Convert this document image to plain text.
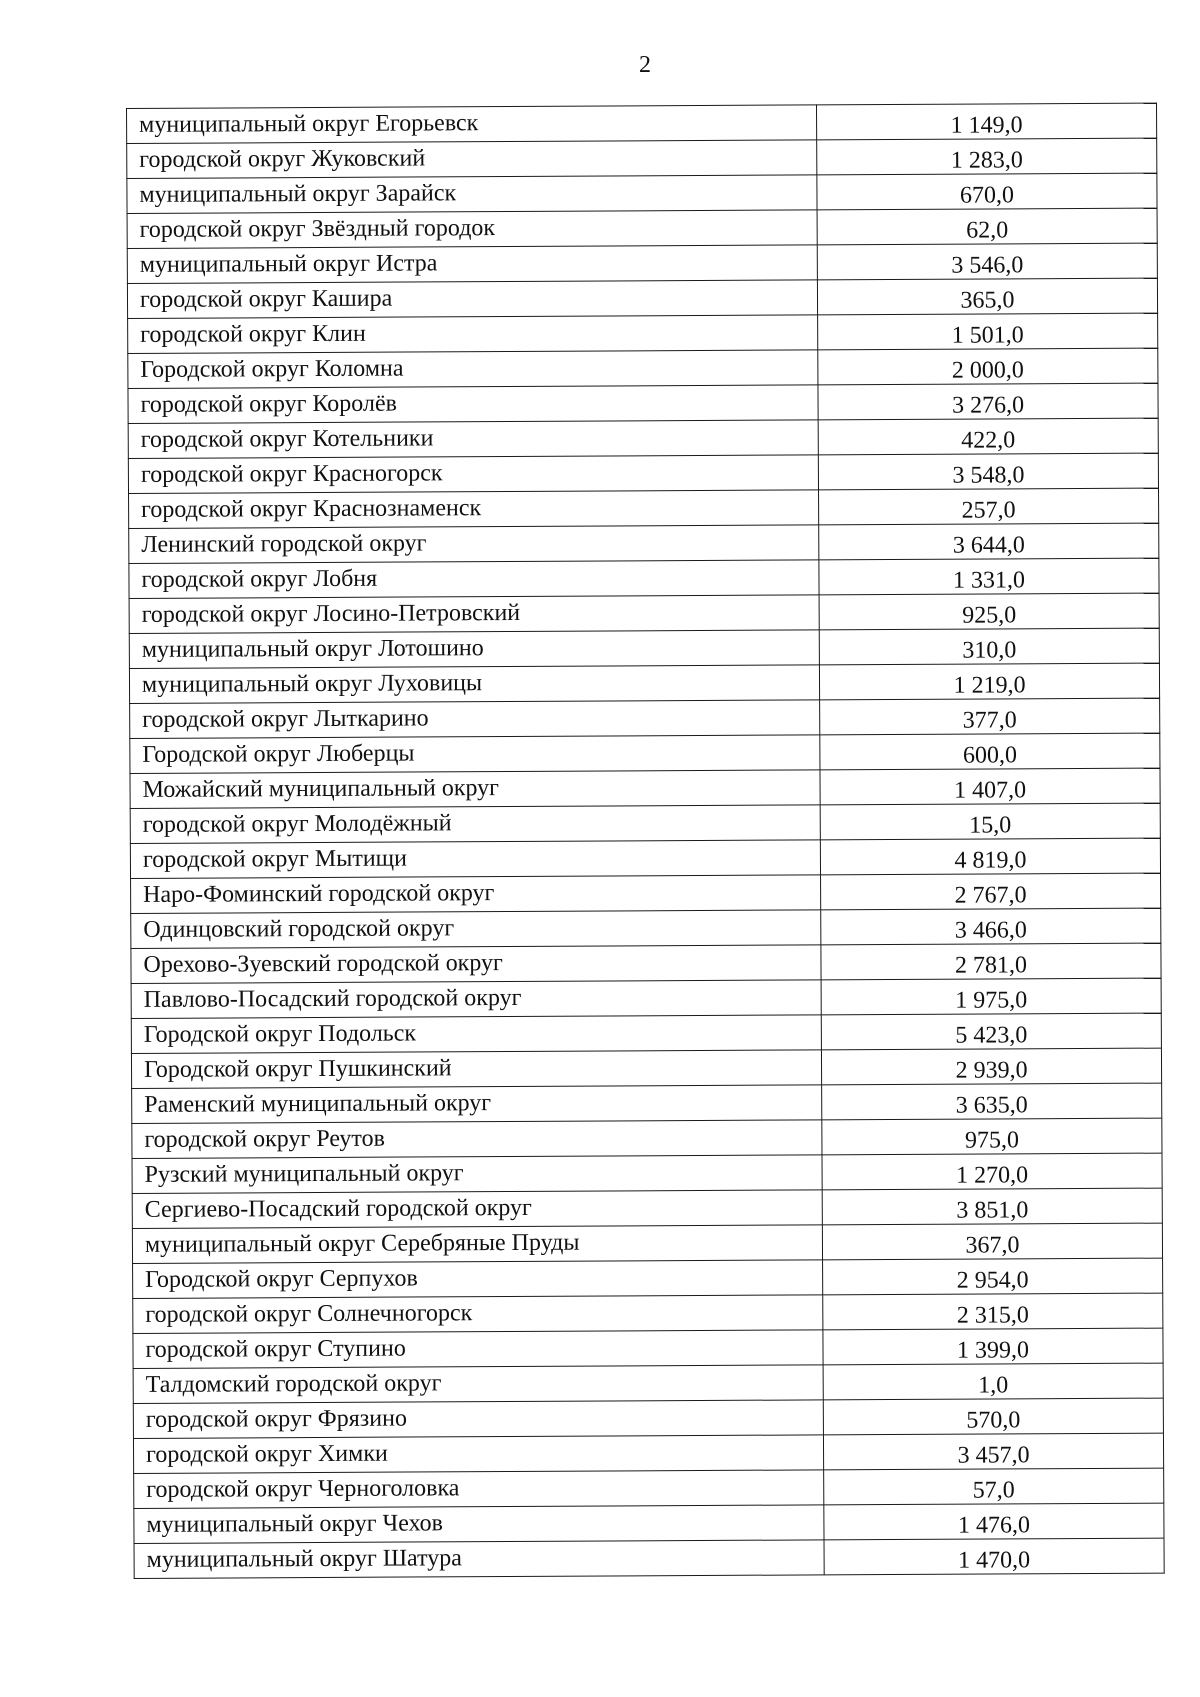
2
муниципальный округ Егорьевск	1 149,0
городской округ Жуковский	1 283,0
муниципальный округ Зарайск	670,0
городской округ Звёздный городок	62,0
муниципальный округ Истра	3 546,0
городской округ Кашира	365,0
городской округ Клин	1 501,0
Городской округ Коломна	2 000,0
городской округ Королёв	3 276,0
городской округ Котельники	422,0
городской округ Красногорск	3 548,0
городской округ Краснознаменск	257,0
Ленинский городской округ	3 644,0
городской округ Лобня	1 331,0
городской округ Лосино-Петровский	925,0
муниципальный округ Лотошино	310,0
муниципальный округ Луховицы	1 219,0
городской округ Лыткарино	377,0
Городской округ Люберцы	600,0
Можайский муниципальный округ	1 407,0
городской округ Молодёжный	15,0
городской округ Мытищи	4 819,0
Наро-Фоминский городской округ	2 767,0
Одинцовский городской округ	3 466,0
Орехово-Зуевский городской округ	2 781,0
Павлово-Посадский городской округ	1 975,0
Городской округ Подольск	5 423,0
Городской округ Пушкинский	2 939,0
Раменский муниципальный округ	3 635,0
городской округ Реутов	975,0
Рузский муниципальный округ	1 270,0
Сергиево-Посадский городской округ	3 851,0
муниципальный округ Серебряные Пруды	367,0
Городской округ Серпухов	2 954,0
городской округ Солнечногорск	2 315,0
городской округ Ступино	1 399,0
Талдомский городской округ	1,0
городской округ Фрязино	570,0
городской округ Химки	3 457,0
городской округ Черноголовка	57,0
муниципальный округ Чехов	1 476,0
муниципальный округ Шатура	1 470,0
